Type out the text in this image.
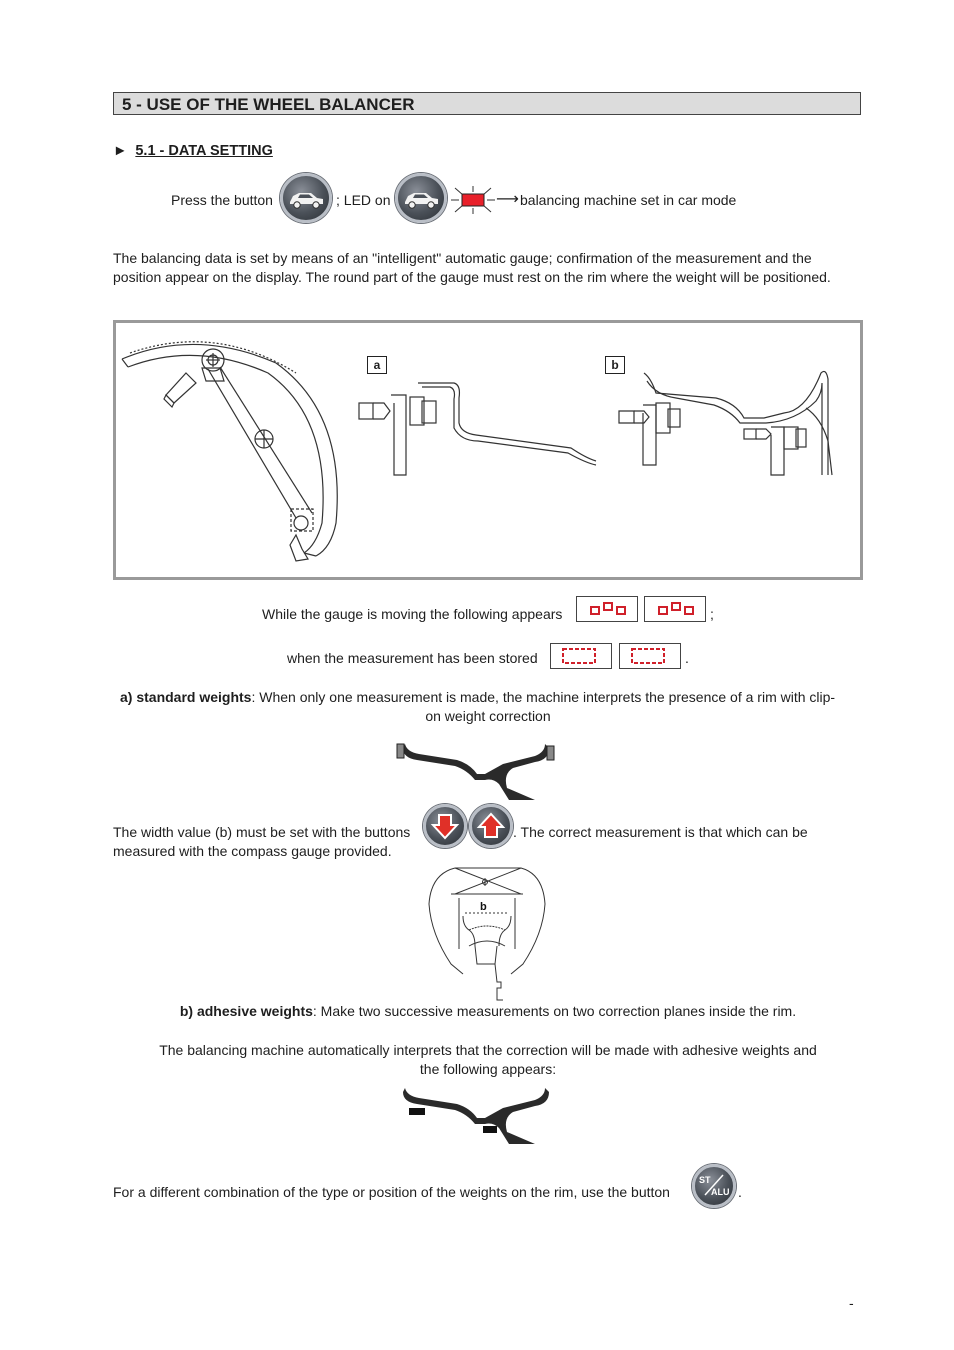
5 - USE OF THE WHEEL BALANCER
► 5.1 - DATA SETTING
Press the button	; LED on	⟶ balancing machine set in car mode
The balancing data is set by means of an "intelligent" automatic gauge; confirmation of the measurement and the
position appear on the display. The round part of the gauge must rest on the rim where the weight will be positioned.
a	b
While the gauge is moving the following appears	;
when the measurement has been stored	.
a) standard weights: When only one measurement is made, the machine interprets the presence of a rim with clip-
on weight correction
The width value (b) must be set with the buttons	. The correct measurement is that which can be
measured with the compass gauge provided.
b
b) adhesive weights: Make two successive measurements on two correction planes inside the rim.
The balancing machine automatically interprets that the correction will be made with adhesive weights and
the following appears:
For a different combination of the type or position of the weights on the rim, use the button
ST
ALU .
-
